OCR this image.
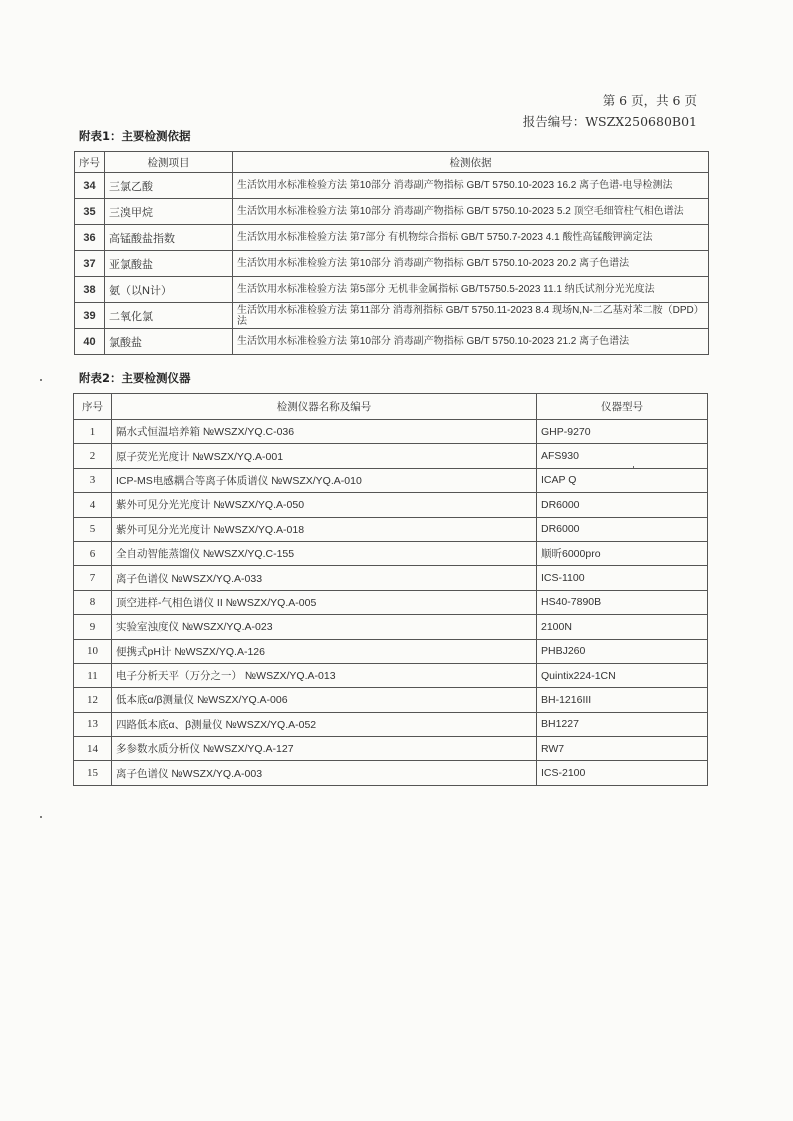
第 6 页，共 6 页
报告编号：WSZX250680B01
附表1：主要检测依据
序号	检测项目	检测依据
34	三氯乙酸	生活饮用水标准检验方法 第10部分 消毒副产物指标 GB/T 5750.10-2023 16.2 离子色谱-电导检测法
35	三溴甲烷	生活饮用水标准检验方法 第10部分 消毒副产物指标 GB/T 5750.10-2023 5.2 顶空毛细管柱气相色谱法
36	高锰酸盐指数	生活饮用水标准检验方法 第7部分 有机物综合指标 GB/T 5750.7-2023 4.1 酸性高锰酸钾滴定法
37	亚氯酸盐	生活饮用水标准检验方法 第10部分 消毒副产物指标 GB/T 5750.10-2023 20.2 离子色谱法
38	氨（以N计）	生活饮用水标准检验方法 第5部分 无机非金属指标 GB/T5750.5-2023 11.1 纳氏试剂分光光度法
39	二氧化氯	生活饮用水标准检验方法 第11部分 消毒剂指标 GB/T 5750.11-2023 8.4 现场N,N-二乙基对苯二胺（DPD）法
40	氯酸盐	生活饮用水标准检验方法 第10部分 消毒副产物指标 GB/T 5750.10-2023 21.2 离子色谱法
附表2：主要检测仪器
序号	检测仪器名称及编号	仪器型号
1	隔水式恒温培养箱 №WSZX/YQ.C-036	GHP-9270
2	原子荧光光度计 №WSZX/YQ.A-001	AFS930
3	ICP-MS电感耦合等离子体质谱仪 №WSZX/YQ.A-010	ICAP Q
4	紫外可见分光光度计 №WSZX/YQ.A-050	DR6000
5	紫外可见分光光度计 №WSZX/YQ.A-018	DR6000
6	全自动智能蒸馏仪 №WSZX/YQ.C-155	顺昕6000pro
7	离子色谱仪 №WSZX/YQ.A-033	ICS-1100
8	顶空进样-气相色谱仪 II №WSZX/YQ.A-005	HS40-7890B
9	实验室浊度仪 №WSZX/YQ.A-023	2100N
10	便携式pH计 №WSZX/YQ.A-126	PHBJ260
11	电子分析天平（万分之一） №WSZX/YQ.A-013	Quintix224-1CN
12	低本底α/β测量仪 №WSZX/YQ.A-006	BH-1216III
13	四路低本底α、β测量仪 №WSZX/YQ.A-052	BH1227
14	多参数水质分析仪 №WSZX/YQ.A-127	RW7
15	离子色谱仪 №WSZX/YQ.A-003	ICS-2100
